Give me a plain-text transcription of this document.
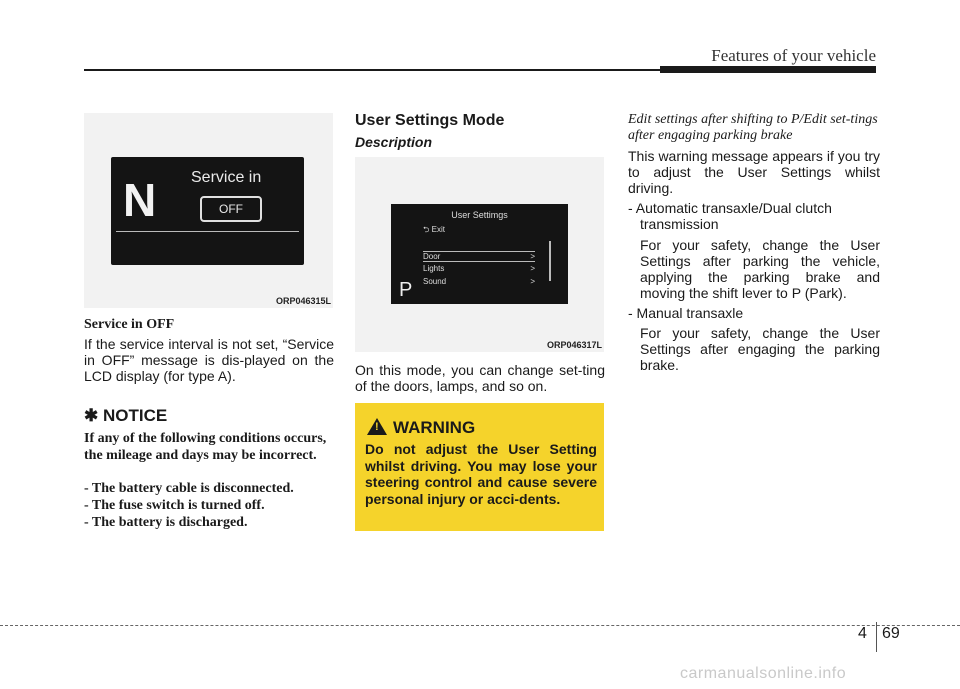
Features of your vehicle
N Service in
OFF
ORP046315L
Service in OFF
If the service interval is not set, “Service in OFF” message is dis-played on the LCD display (for type A).
✱ NOTICE
If any of the following conditions occurs, the mileage and days may be incorrect.
- The battery cable is disconnected.
- The fuse switch is turned off.
- The battery is discharged.
User Settings Mode
Description
User Settimgs
⮌ Exit
Door	>
Lights	>
Sound	>
P
ORP046317L
On this mode, you can change set-ting of the doors, lamps, and so on.
! WARNING
Do not adjust the User Setting whilst driving. You may lose your steering control and cause severe personal injury or acci-dents.
Edit settings after shifting to P/Edit set-tings after engaging parking brake
This warning message appears if you try to adjust the User Settings whilst driving.
- Automatic transaxle/Dual clutch
transmission
For your safety, change the User Settings after parking the vehicle, applying the parking brake and moving the shift lever to P (Park).
- Manual transaxle
For your safety, change the User Settings after engaging the parking brake.
4 69
carmanualsonline.info
